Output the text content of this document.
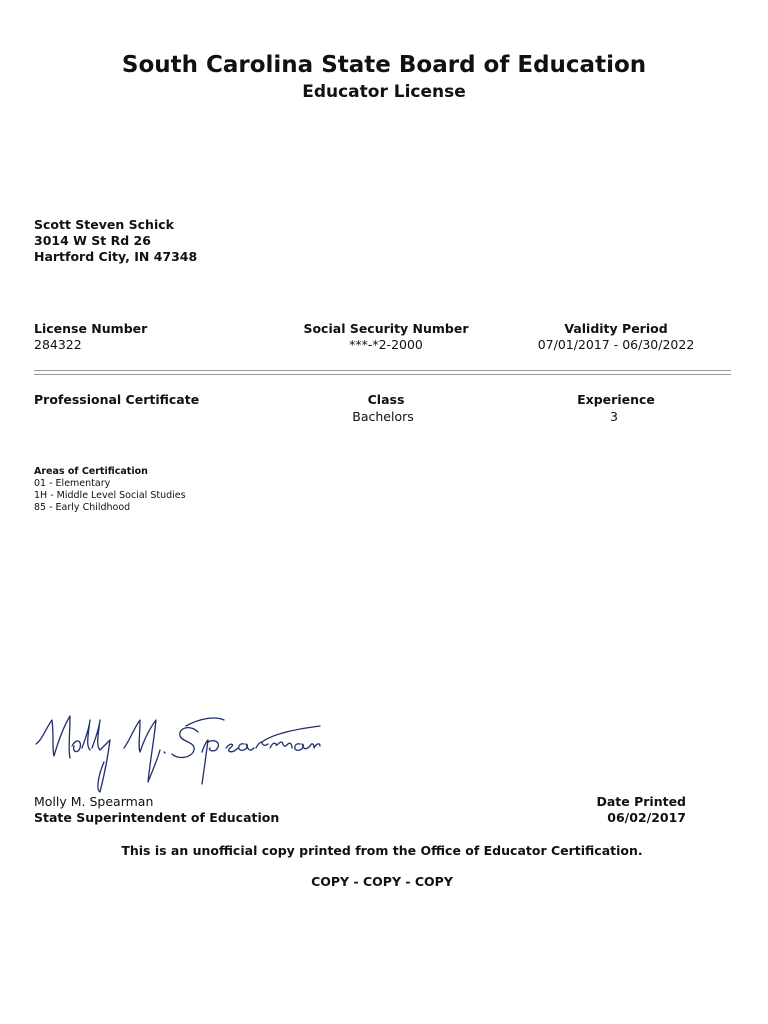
South Carolina State Board of Education
Educator License
Scott Steven Schick
3014 W St Rd 26
Hartford City, IN 47348
License Number
284322
Social Security Number
***-*2-2000
Validity Period
07/01/2017 - 06/30/2022
Professional Certificate	Class
Bachelors
Experience
3
Areas of Certification
01 - Elementary
1H - Middle Level Social Studies
85 - Early Childhood
Molly M. Spearman
State Superintendent of Education
Date Printed
06/02/2017
This is an unofficial copy printed from the Office of Educator Certification.
COPY - COPY - COPY
